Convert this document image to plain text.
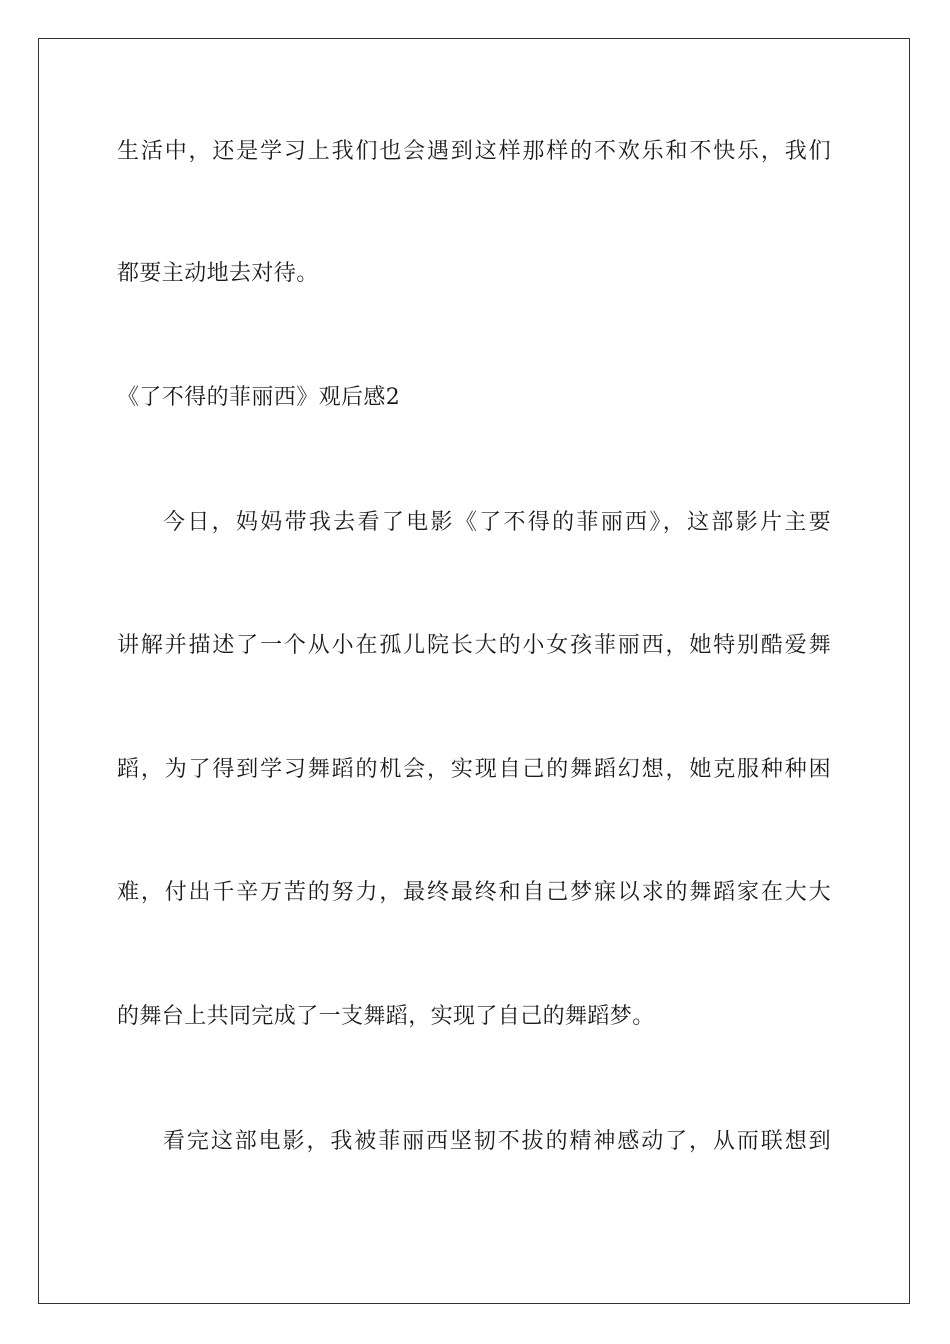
生活中，还是学习上我们也会遇到这样那样的不欢乐和不快乐，我们
都要主动地去对待。
《了不得的菲丽西》观后感2
今日，妈妈带我去看了电影《了不得的菲丽西》，这部影片主要
讲解并描述了一个从小在孤儿院长大的小女孩菲丽西，她特别酷爱舞
蹈，为了得到学习舞蹈的机会，实现自己的舞蹈幻想，她克服种种困
难，付出千辛万苦的努力，最终最终和自己梦寐以求的舞蹈家在大大
的舞台上共同完成了一支舞蹈，实现了自己的舞蹈梦。
看完这部电影，我被菲丽西坚韧不拔的精神感动了，从而联想到
